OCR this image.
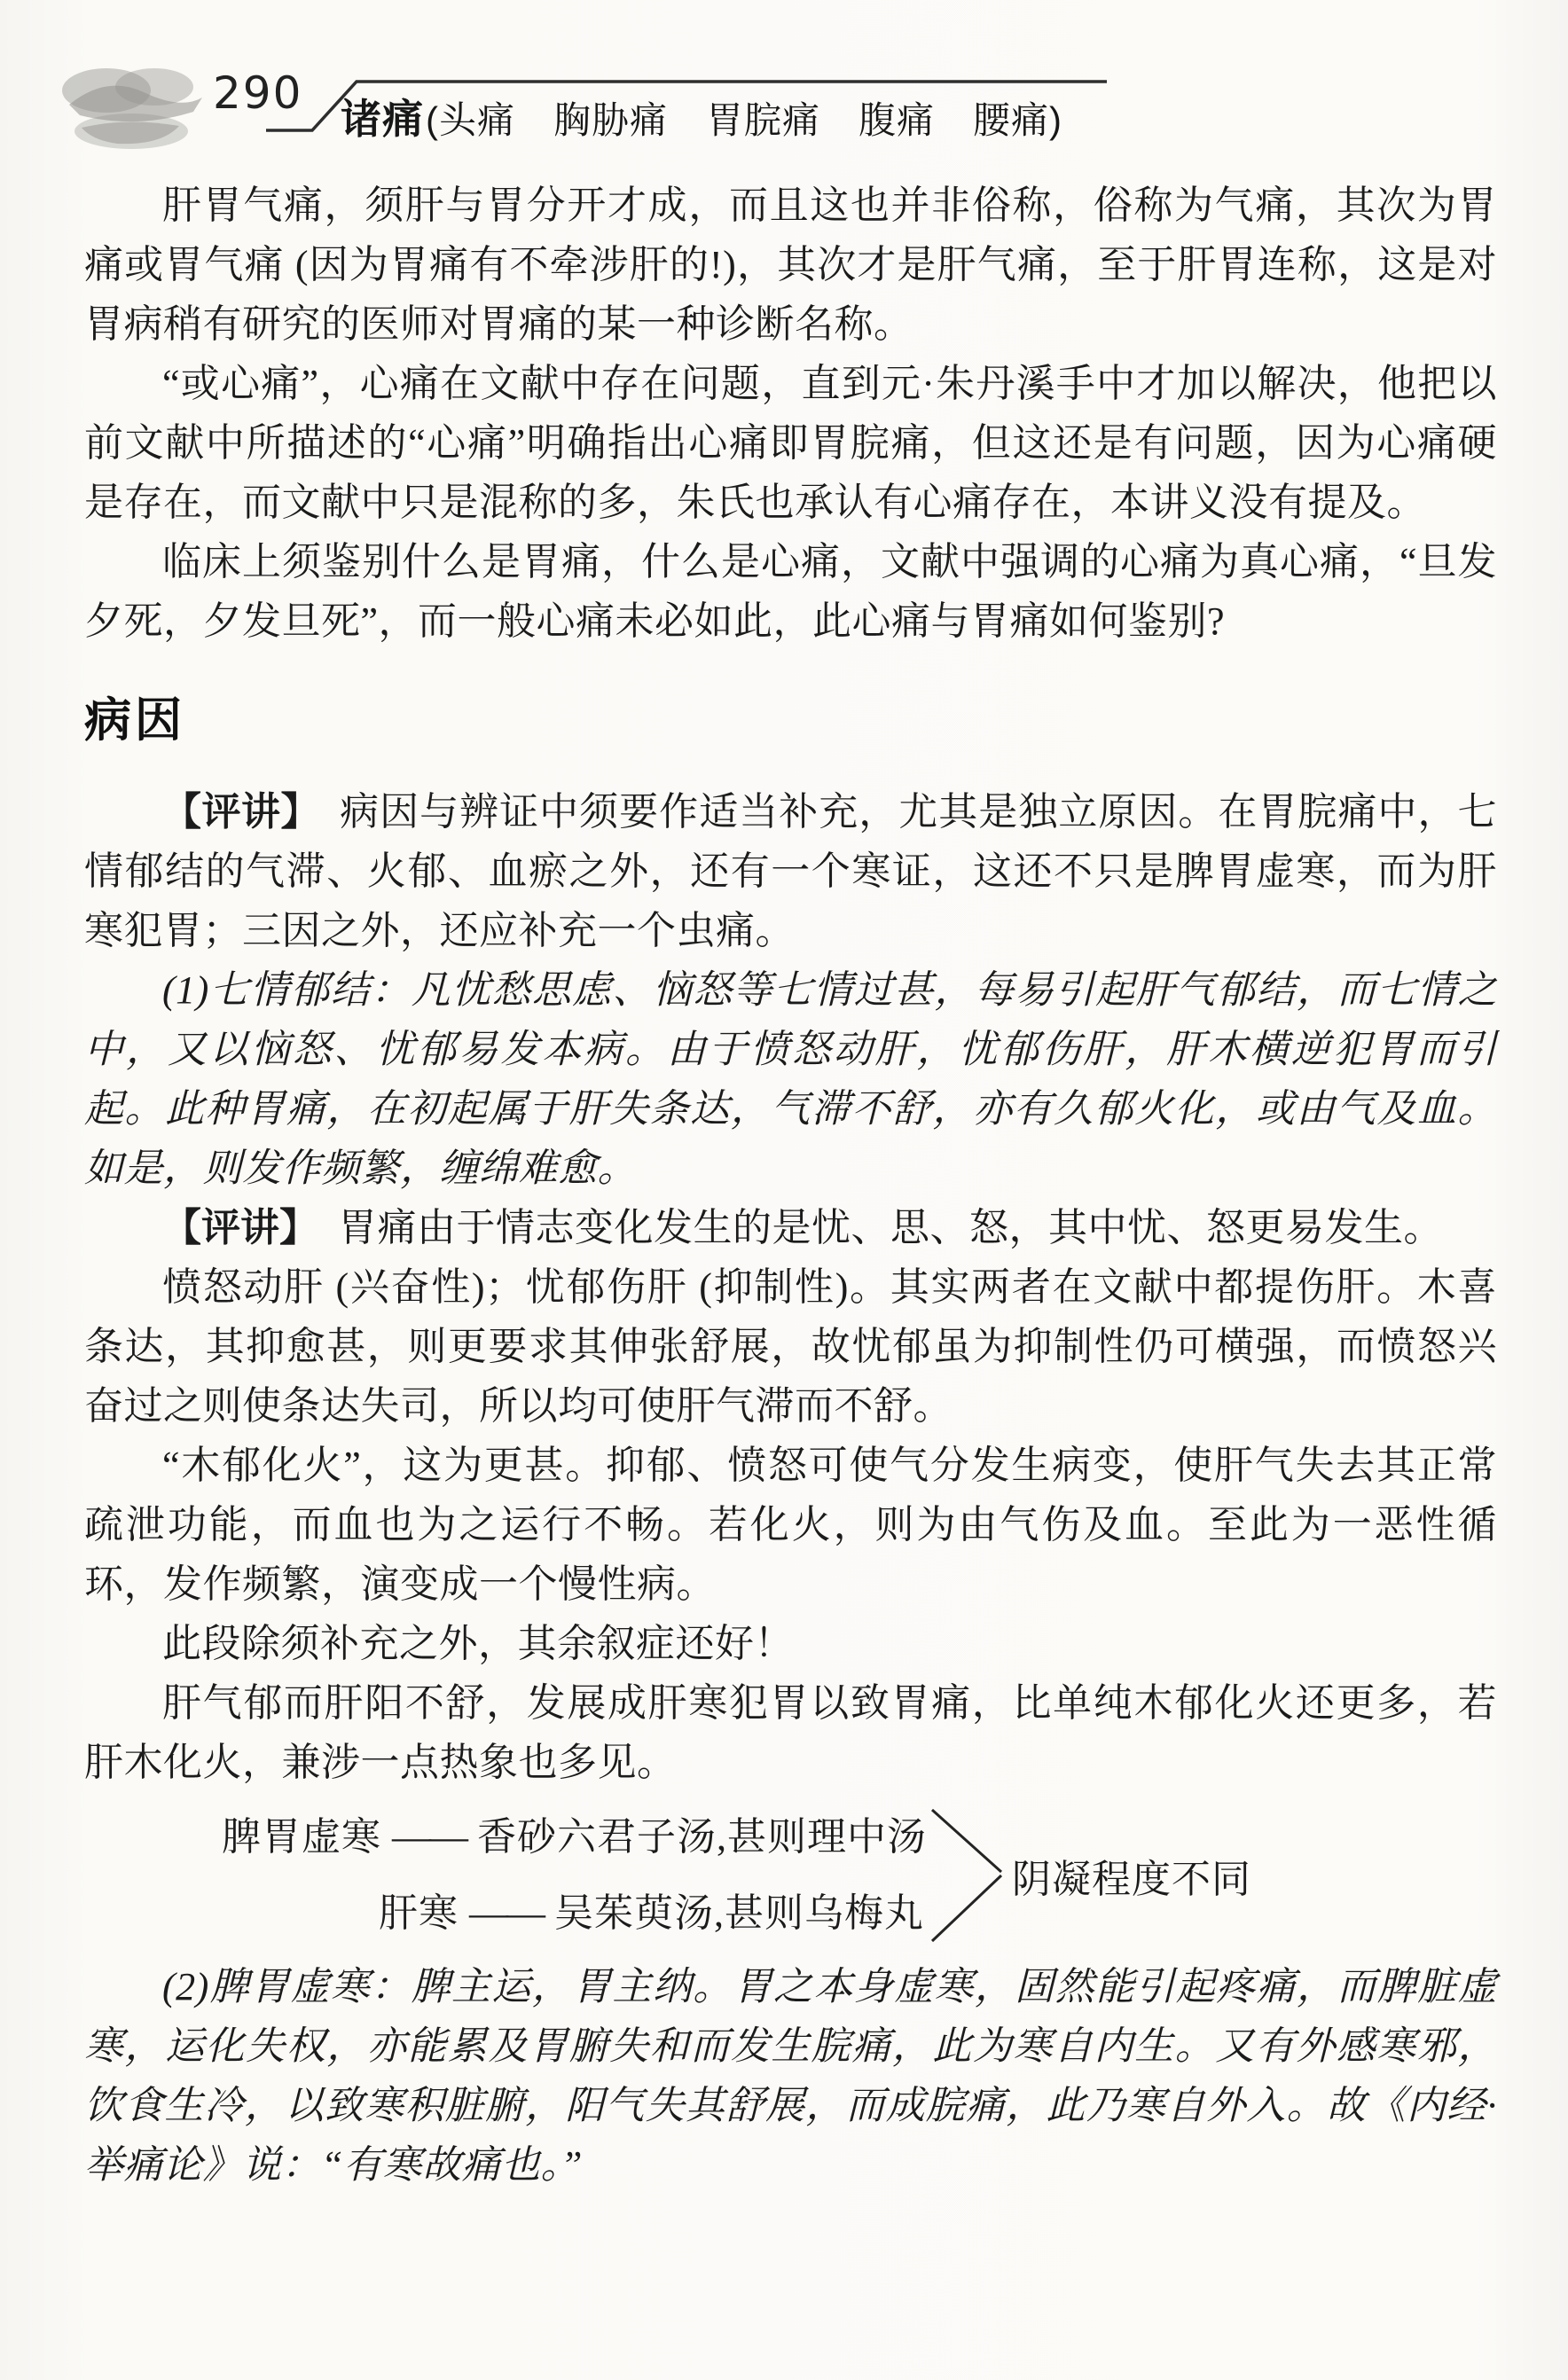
290 诸痛(头痛　胸胁痛　胃脘痛　腹痛　腰痛)

肝胃气痛，须肝与胃分开才成，而且这也并非俗称，俗称为气痛，其次为胃痛或胃气痛 (因为胃痛有不牵涉肝的!)，其次才是肝气痛，至于肝胃连称，这是对胃病稍有研究的医师对胃痛的某一种诊断名称。

“或心痛”，心痛在文献中存在问题，直到元·朱丹溪手中才加以解决，他把以前文献中所描述的“心痛”明确指出心痛即胃脘痛，但这还是有问题，因为心痛硬是存在，而文献中只是混称的多，朱氏也承认有心痛存在，本讲义没有提及。

临床上须鉴别什么是胃痛，什么是心痛，文献中强调的心痛为真心痛，“旦发夕死，夕发旦死”，而一般心痛未必如此，此心痛与胃痛如何鉴别?

病因

【评讲】 病因与辨证中须要作适当补充，尤其是独立原因。在胃脘痛中，七情郁结的气滞、火郁、血瘀之外，还有一个寒证，这还不只是脾胃虚寒，而为肝寒犯胃；三因之外，还应补充一个虫痛。

(1)七情郁结：凡忧愁思虑、恼怒等七情过甚，每易引起肝气郁结，而七情之中，又以恼怒、忧郁易发本病。由于愤怒动肝，忧郁伤肝，肝木横逆犯胃而引起。此种胃痛，在初起属于肝失条达，气滞不舒，亦有久郁火化，或由气及血。如是，则发作频繁，缠绵难愈。

【评讲】 胃痛由于情志变化发生的是忧、思、怒，其中忧、怒更易发生。

愤怒动肝 (兴奋性)；忧郁伤肝 (抑制性)。其实两者在文献中都提伤肝。木喜条达，其抑愈甚，则更要求其伸张舒展，故忧郁虽为抑制性仍可横强，而愤怒兴奋过之则使条达失司，所以均可使肝气滞而不舒。

“木郁化火”，这为更甚。抑郁、愤怒可使气分发生病变，使肝气失去其正常疏泄功能，而血也为之运行不畅。若化火，则为由气伤及血。至此为一恶性循环，发作频繁，演变成一个慢性病。

此段除须补充之外，其余叙症还好！

肝气郁而肝阳不舒，发展成肝寒犯胃以致胃痛，比单纯木郁化火还更多，若肝木化火，兼涉一点热象也多见。

脾胃虚寒 —— 香砂六君子汤,甚则理中汤
肝寒 —— 吴茱萸汤,甚则乌梅丸
阴凝程度不同

(2)脾胃虚寒：脾主运，胃主纳。胃之本身虚寒，固然能引起疼痛，而脾脏虚寒，运化失权，亦能累及胃腑失和而发生脘痛，此为寒自内生。又有外感寒邪，饮食生冷，以致寒积脏腑，阳气失其舒展，而成脘痛，此乃寒自外入。故《内经·举痛论》说：“有寒故痛也。”
